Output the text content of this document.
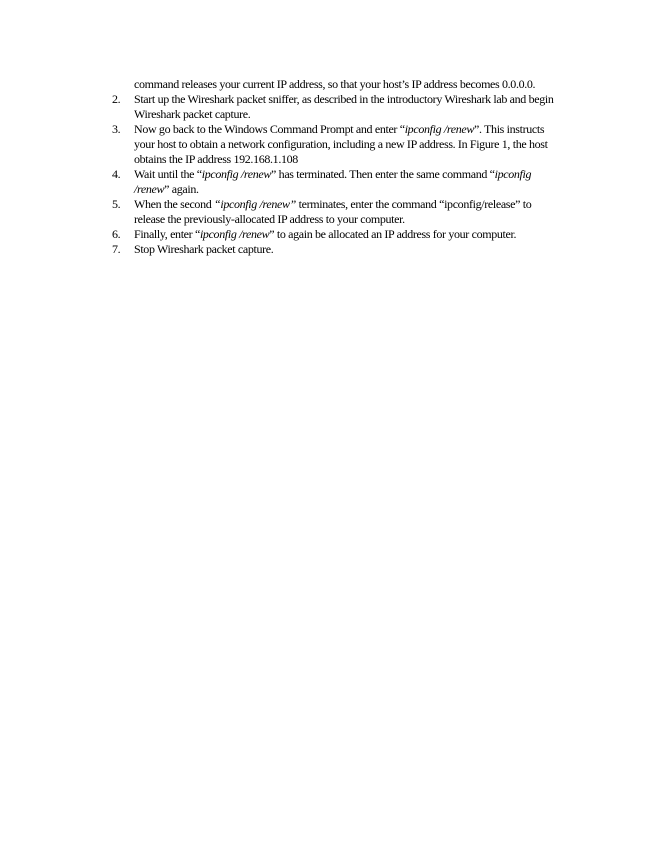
command releases your current IP address, so that your host’s IP address becomes 0.0.0.0.

2.	Start up the Wireshark packet sniffer, as described in the introductory Wireshark lab and begin Wireshark packet capture.
3.	Now go back to the Windows Command Prompt and enter “ipconfig /renew”. This instructs your host to obtain a network configuration, including a new IP address. In Figure 1, the host obtains the IP address 192.168.1.108
4.	Wait until the “ipconfig /renew” has terminated. Then enter the same command “ipconfig /renew” again.
5.	When the second “ipconfig /renew” terminates, enter the command “ipconfig/release” to release the previously-allocated IP address to your computer.
6.	Finally, enter “ipconfig /renew” to again be allocated an IP address for your computer.
7.	Stop Wireshark packet capture.
